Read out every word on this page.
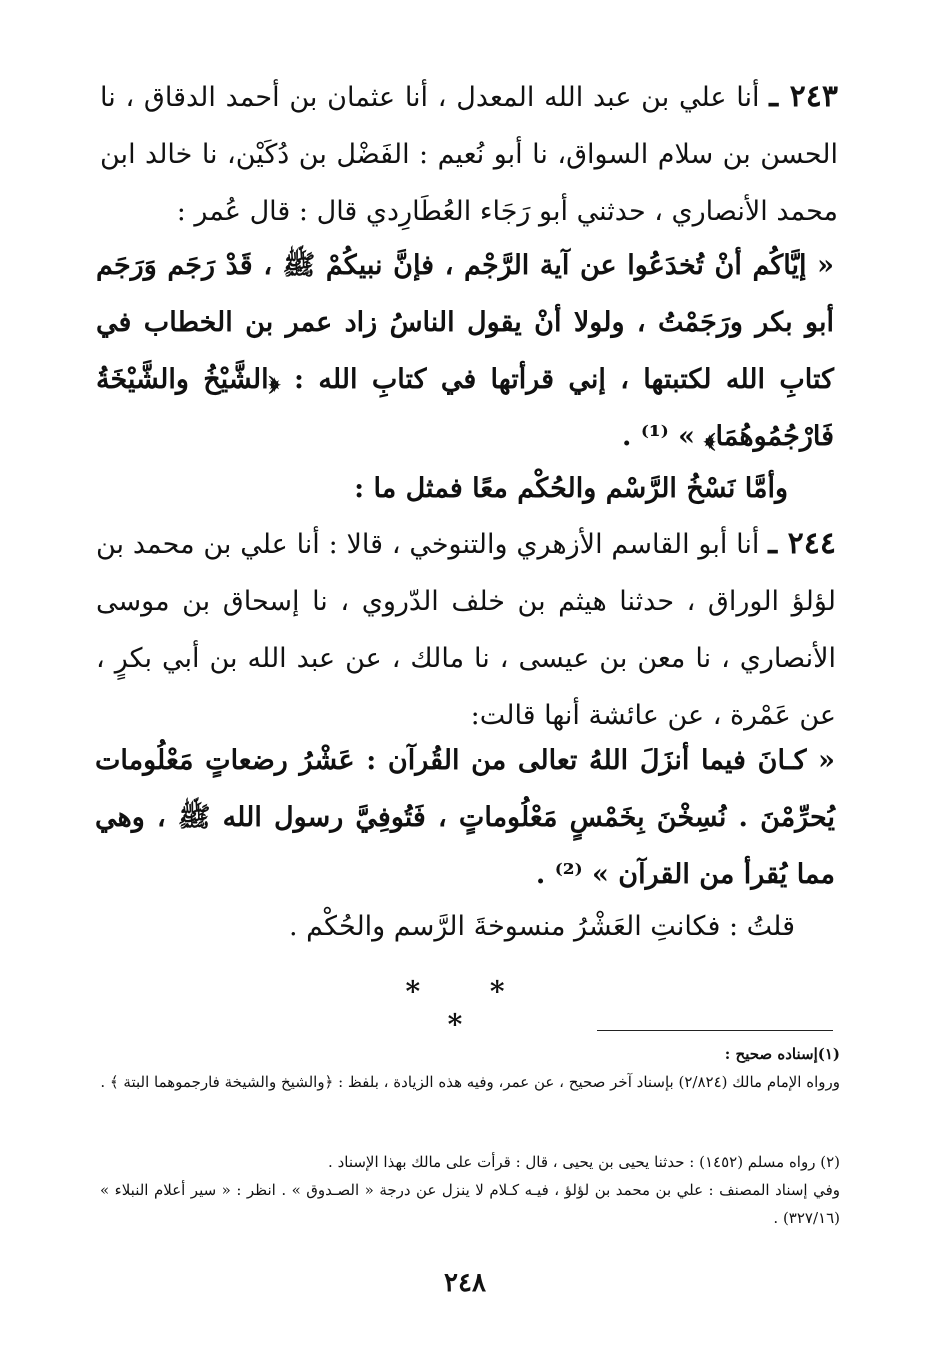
٢٤٣ ـ أنا علي بن عبد الله المعدل ، أنا عثمان بن أحمد الدقاق ، نا الحسن بن سلام السواق، نا أبو نُعيم : الفَضْل بن دُكَيْن، نا خالد ابن محمد الأنصاري ، حدثني أبو رَجَاء العُطَارِدي قال : قال عُمر :
« إيَّاكُم أنْ تُخدَعُوا عن آية الرَّجْم ، فإنَّ نبيكُمْ ﷺ ، قَدْ رَجَم وَرَجَم أبو بكر ورَجَمْتُ ، ولولا أنْ يقول الناسُ زاد عمر بن الخطاب في كتابِ الله لكتبتها ، إني قرأتها في كتابِ الله : ﴿الشَّيْخُ والشَّيْخَةُ فَارْجُمُوهُمَا﴾ » ⁽¹⁾ .
وأمَّا نَسْخُ الرَّسْم والحُكْم معًا فمثل ما :
٢٤٤ ـ أنا أبو القاسم الأزهري والتنوخي ، قالا : أنا علي بن محمد بن لؤلؤ الوراق ، حدثنا هيثم بن خلف الدّروي ، نا إسحاق بن موسى الأنصاري ، نا معن بن عيسى ، نا مالك ، عن عبد الله بن أبي بكرٍ ، عن عَمْرة ، عن عائشة أنها قالت:
« كـانَ فيما أنزَلَ اللهُ تعالى من القُرآن : عَشْرُ رضعاتٍ مَعْلُومات يُحرِّمْنَ . نُسِخْنَ بِخَمْسٍ مَعْلُوماتٍ ، فَتُوفِيَّ رسول الله ﷺ ، وهي مما يُقرأ من القرآن » ⁽²⁾ .
قلتُ : فكانتِ العَشْرُ منسوخةَ الرَّسم والحُكْم .
* * *
(١)إسناده صحيح :
ورواه الإمام مالك (٢/٨٢٤) بإسناد آخر صحيح ، عن عمر، وفيه هذه الزيادة ، بلفظ : ﴿والشيخ والشيخة فارجموهما البتة ﴾ .
(٢) رواه مسلم (١٤٥٢) : حدثنا يحيى بن يحيى ، قال : قرأت على مالك بهذا الإسناد .
وفي إسناد المصنف : علي بن محمد بن لؤلؤ ، فيـه كـلام لا ينزل عن درجة « الصـدوق » . انظر : « سير أعلام النبلاء » (٣٢٧/١٦) .
٢٤٨
